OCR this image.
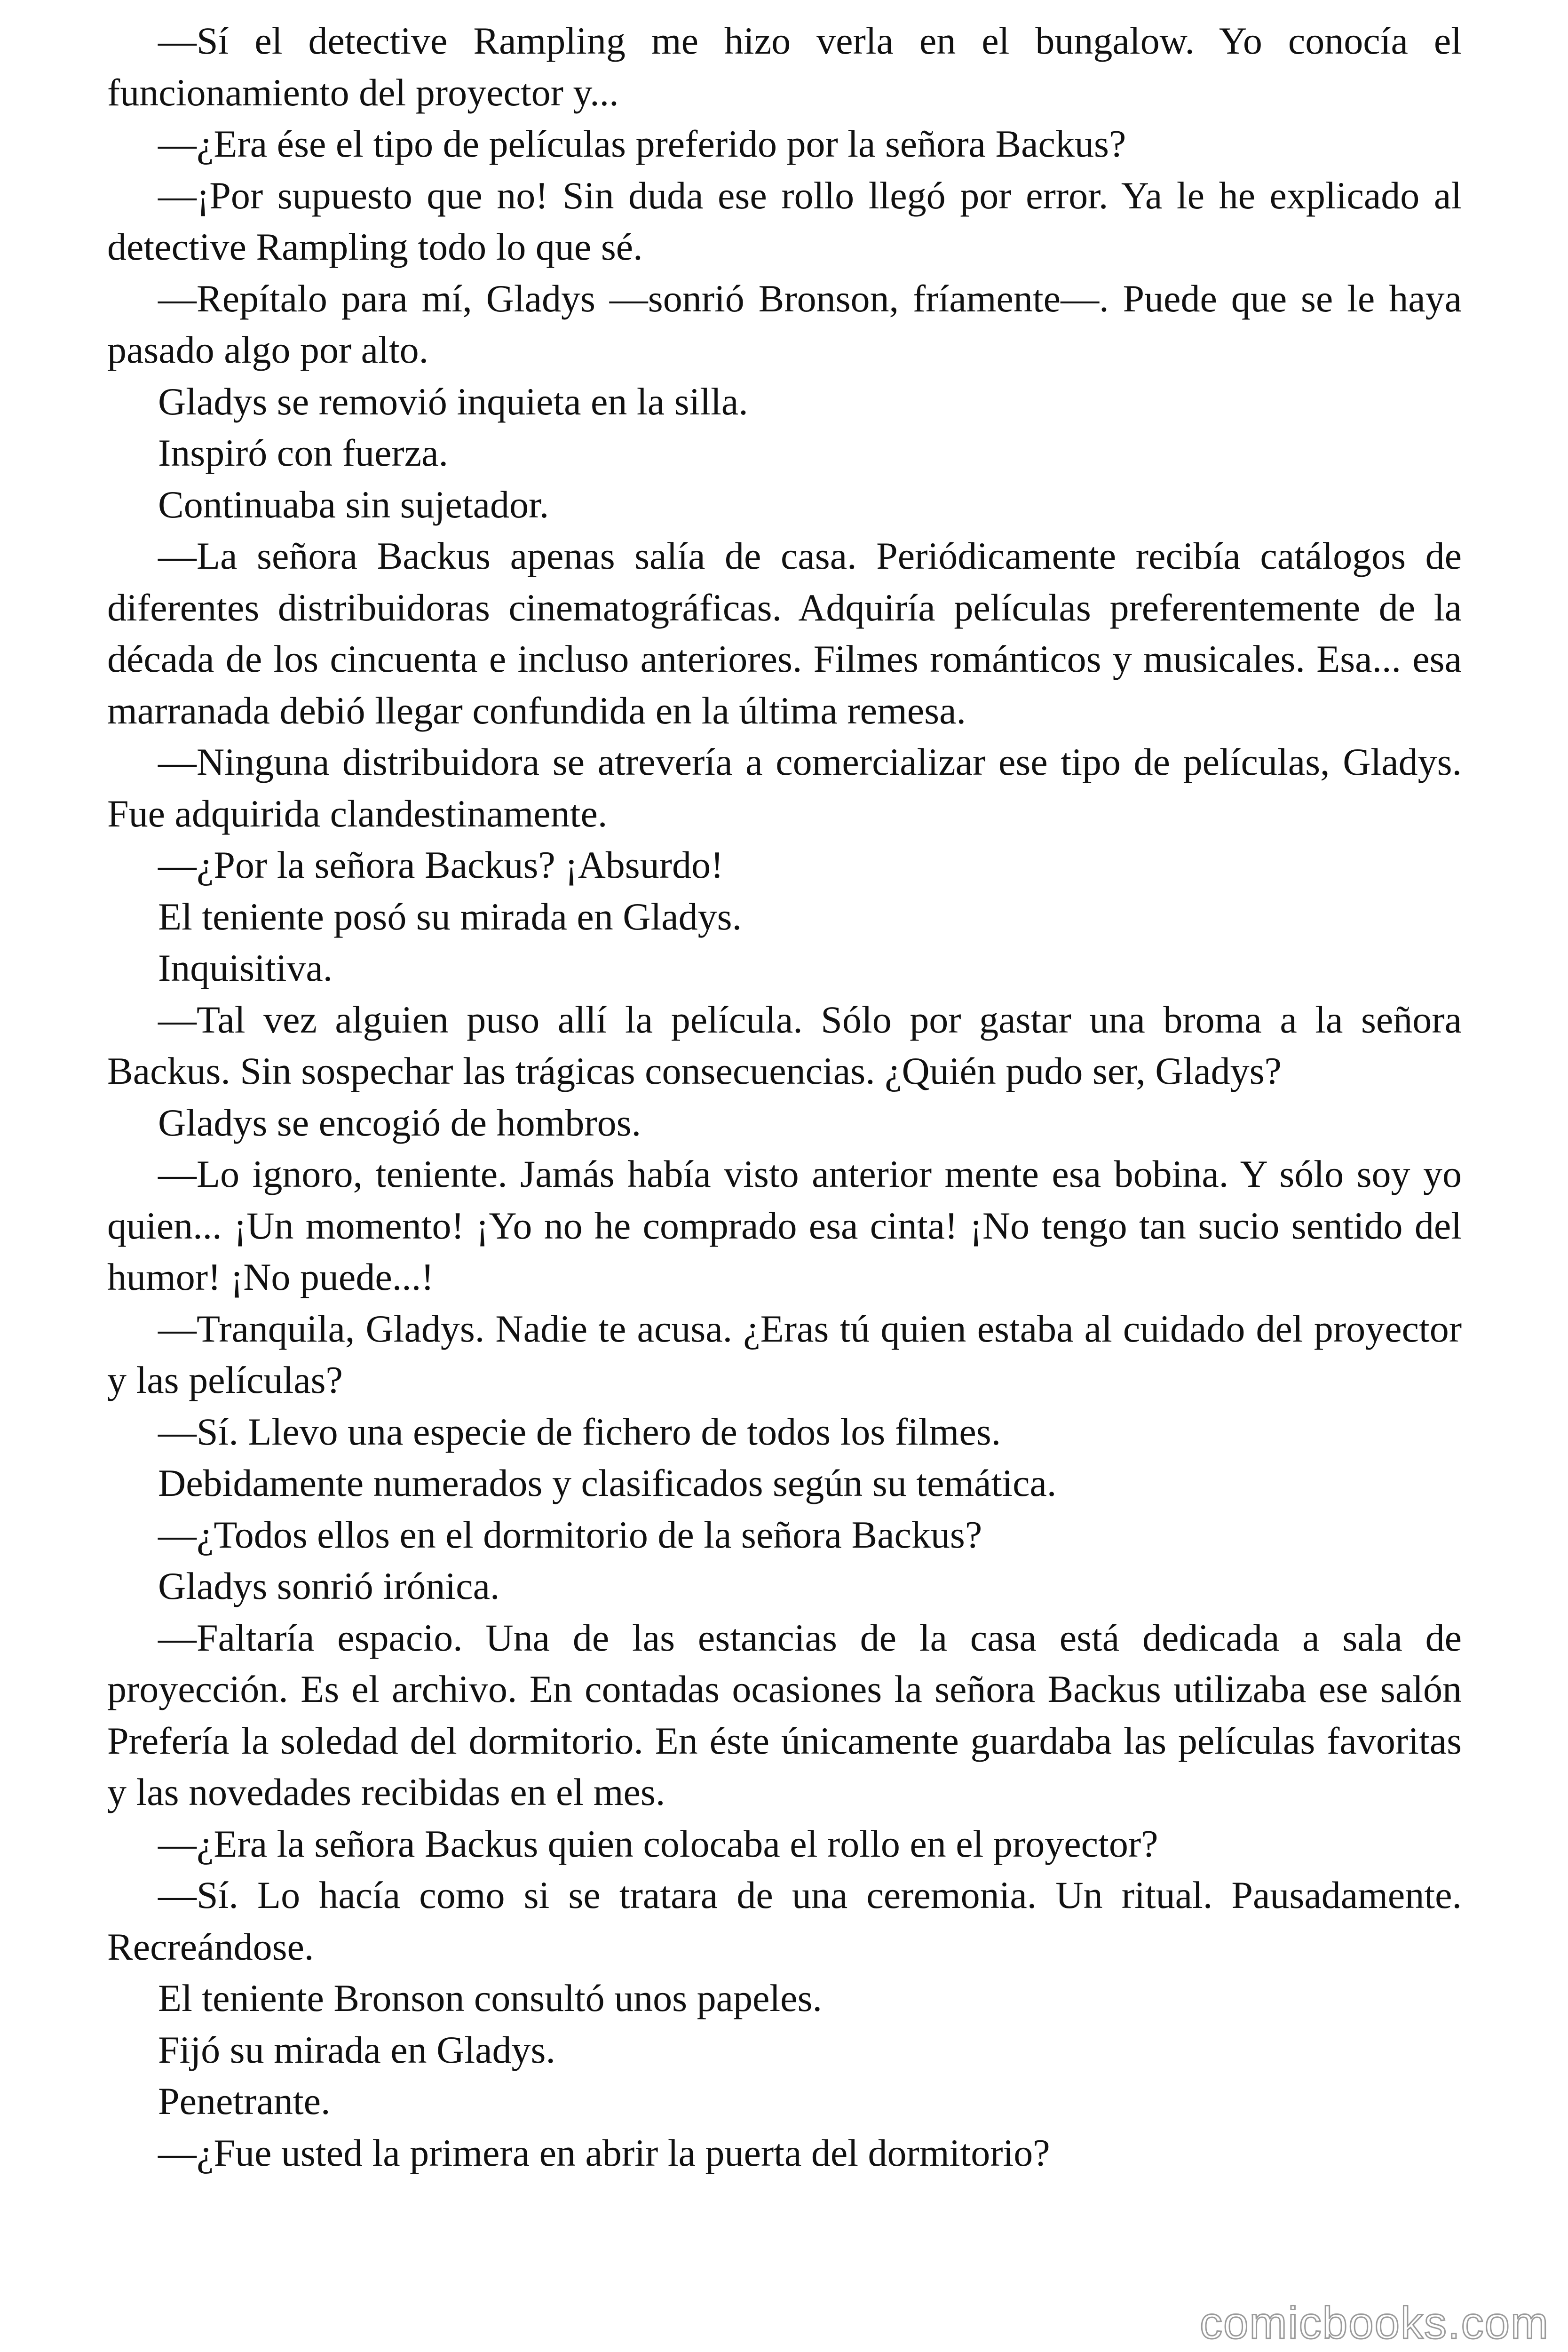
—Sí el detective Rampling me hizo verla en el bungalow. Yo conocía el funcionamiento del proyector y...

—¿Era ése el tipo de películas preferido por la señora Backus?

—¡Por supuesto que no! Sin duda ese rollo llegó por error. Ya le he explicado al detective Rampling todo lo que sé.

—Repítalo para mí, Gladys —sonrió Bronson, fríamente—. Puede que se le haya pasado algo por alto.

Gladys se removió inquieta en la silla.

Inspiró con fuerza.

Continuaba sin sujetador.

—La señora Backus apenas salía de casa. Periódicamente recibía catálogos de diferentes distribuidoras cinematográficas. Adquiría películas preferentemente de la década de los cincuenta e incluso anteriores. Filmes románticos y musicales. Esa... esa marranada debió llegar confundida en la última remesa.

—Ninguna distribuidora se atrevería a comercializar ese tipo de películas, Gladys. Fue adquirida clandestinamente.

—¿Por la señora Backus? ¡Absurdo!

El teniente posó su mirada en Gladys.

Inquisitiva.

—Tal vez alguien puso allí la película. Sólo por gastar una broma a la señora Backus. Sin sospechar las trágicas consecuencias. ¿Quién pudo ser, Gladys?

Gladys se encogió de hombros.

—Lo ignoro, teniente. Jamás había visto anterior mente esa bobina. Y sólo soy yo quien... ¡Un momento! ¡Yo no he comprado esa cinta! ¡No tengo tan sucio sentido del humor! ¡No puede...!

—Tranquila, Gladys. Nadie te acusa. ¿Eras tú quien estaba al cuidado del proyector y las películas?

—Sí. Llevo una especie de fichero de todos los filmes.

Debidamente numerados y clasificados según su temática.

—¿Todos ellos en el dormitorio de la señora Backus?

Gladys sonrió irónica.

—Faltaría espacio. Una de las estancias de la casa está dedicada a sala de proyección. Es el archivo. En contadas ocasiones la señora Backus utilizaba ese salón Prefería la soledad del dormitorio. En éste únicamente guardaba las películas favoritas y las novedades recibidas en el mes.

—¿Era la señora Backus quien colocaba el rollo en el proyector?

—Sí. Lo hacía como si se tratara de una ceremonia. Un ritual. Pausadamente. Recreándose.

El teniente Bronson consultó unos papeles.

Fijó su mirada en Gladys.

Penetrante.

—¿Fue usted la primera en abrir la puerta del dormitorio?

comicbooks.com
